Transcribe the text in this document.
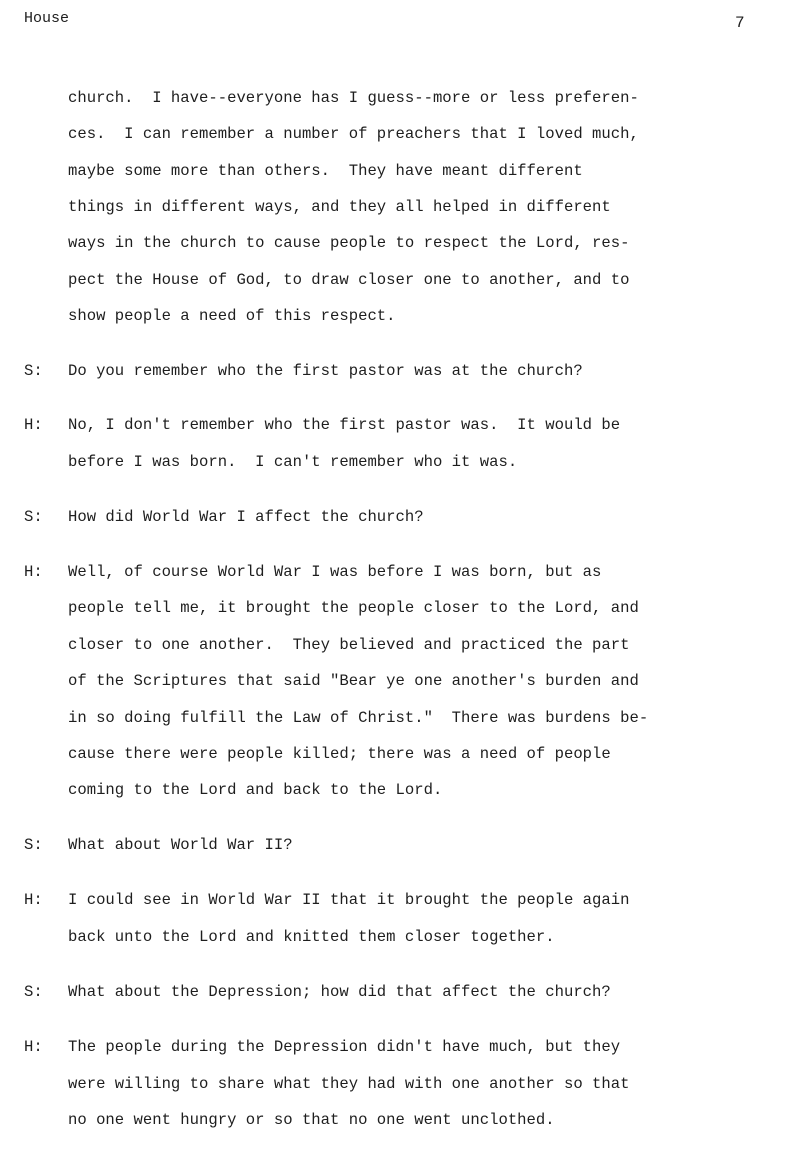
House	7
church.  I have--everyone has I guess--more or less preferen-
ces.  I can remember a number of preachers that I loved much,
maybe some more than others.  They have meant different
things in different ways, and they all helped in different
ways in the church to cause people to respect the Lord, res-
pect the House of God, to draw closer one to another, and to
show people a need of this respect.
S: Do you remember who the first pastor was at the church?
H: No, I don't remember who the first pastor was.  It would be
before I was born.  I can't remember who it was.
S: How did World War I affect the church?
H: Well, of course World War I was before I was born, but as
people tell me, it brought the people closer to the Lord, and
closer to one another.  They believed and practiced the part
of the Scriptures that said "Bear ye one another's burden and
in so doing fulfill the Law of Christ."  There was burdens be-
cause there were people killed; there was a need of people
coming to the Lord and back to the Lord.
S: What about World War II?
H: I could see in World War II that it brought the people again
back unto the Lord and knitted them closer together.
S: What about the Depression; how did that affect the church?
H: The people during the Depression didn't have much, but they
were willing to share what they had with one another so that
no one went hungry or so that no one went unclothed.
